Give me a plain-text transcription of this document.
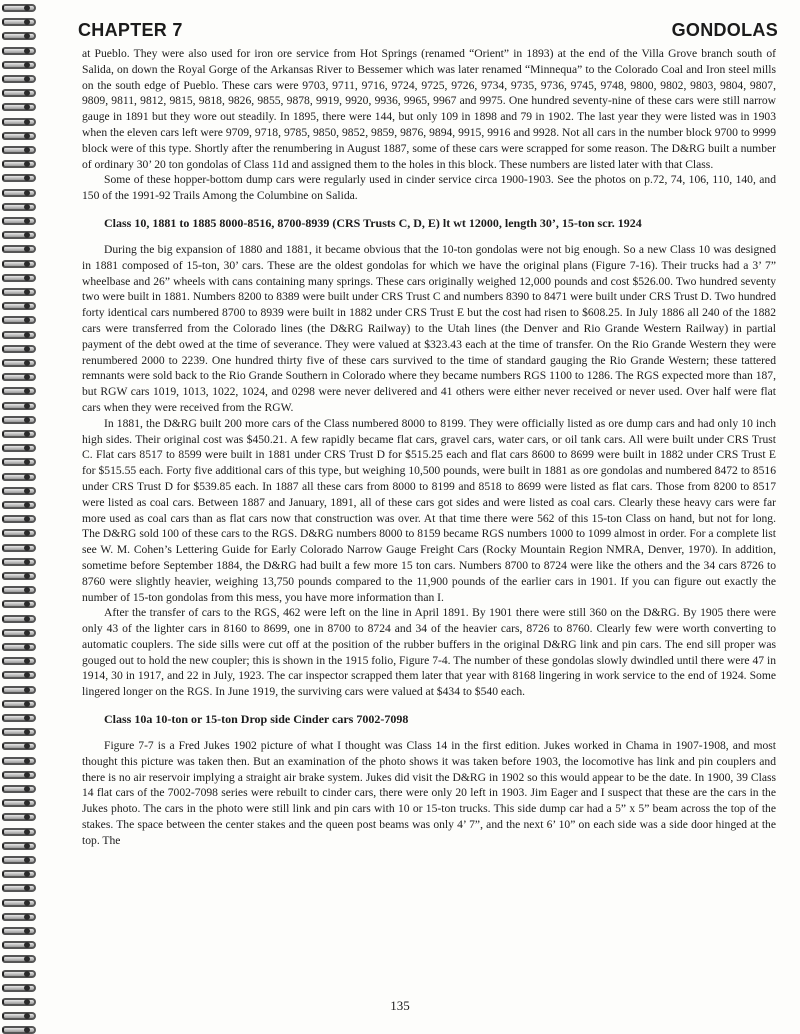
CHAPTER 7	GONDOLAS

at Pueblo. They were also used for iron ore service from Hot Springs (renamed “Orient” in 1893) at the end of the Villa Grove branch south of Salida, on down the Royal Gorge of the Arkansas River to Bessemer which was later renamed “Minnequa” to the Colorado Coal and Iron steel mills on the south edge of Pueblo. These cars were 9703, 9711, 9716, 9724, 9725, 9726, 9734, 9735, 9736, 9745, 9748, 9800, 9802, 9803, 9804, 9807, 9809, 9811, 9812, 9815, 9818, 9826, 9855, 9878, 9919, 9920, 9936, 9965, 9967 and 9975. One hundred seventy-nine of these cars were still narrow gauge in 1891 but they wore out steadily. In 1895, there were 144, but only 109 in 1898 and 79 in 1902. The last year they were listed was in 1903 when the eleven cars left were 9709, 9718, 9785, 9850, 9852, 9859, 9876, 9894, 9915, 9916 and 9928. Not all cars in the number block 9700 to 9999 block were of this type. Shortly after the renumbering in August 1887, some of these cars were scrapped for some reason. The D&RG built a number of ordinary 30’ 20 ton gondolas of Class 11d and assigned them to the holes in this block. These numbers are listed later with that Class.

Some of these hopper-bottom dump cars were regularly used in cinder service circa 1900-1903. See the photos on p.72, 74, 106, 110, 140, and 150 of the 1991-92 Trails Among the Columbine on Salida.

Class 10, 1881 to 1885 8000-8516, 8700-8939 (CRS Trusts C, D, E) lt wt 12000, length 30’, 15-ton scr. 1924

During the big expansion of 1880 and 1881, it became obvious that the 10-ton gondolas were not big enough. So a new Class 10 was designed in 1881 composed of 15-ton, 30’ cars. These are the oldest gondolas for which we have the original plans (Figure 7-16). Their trucks had a 3’ 7” wheelbase and 26” wheels with cans containing many springs. These cars originally weighed 12,000 pounds and cost $526.00. Two hundred seventy two were built in 1881. Numbers 8200 to 8389 were built under CRS Trust C and numbers 8390 to 8471 were built under CRS Trust D. Two hundred forty identical cars numbered 8700 to 8939 were built in 1882 under CRS Trust E but the cost had risen to $608.25. In July 1886 all 240 of the 1882 cars were transferred from the Colorado lines (the D&RG Railway) to the Utah lines (the Denver and Rio Grande Western Railway) in partial payment of the debt owed at the time of severance. They were valued at $323.43 each at the time of transfer. On the Rio Grande Western they were renumbered 2000 to 2239. One hundred thirty five of these cars survived to the time of standard gauging the Rio Grande Western; these tattered remnants were sold back to the Rio Grande Southern in Colorado where they became numbers RGS 1100 to 1286. The RGS expected more than 187, but RGW cars 1019, 1013, 1022, 1024, and 0298 were never delivered and 41 others were either never received or never used. Over half were flat cars when they were received from the RGW.

In 1881, the D&RG built 200 more cars of the Class numbered 8000 to 8199. They were officially listed as ore dump cars and had only 10 inch high sides. Their original cost was $450.21. A few rapidly became flat cars, gravel cars, water cars, or oil tank cars. All were built under CRS Trust C. Flat cars 8517 to 8599 were built in 1881 under CRS Trust D for $515.25 each and flat cars 8600 to 8699 were built in 1882 under CRS Trust E for $515.55 each. Forty five additional cars of this type, but weighing 10,500 pounds, were built in 1881 as ore gondolas and numbered 8472 to 8516 under CRS Trust D for $539.85 each. In 1887 all these cars from 8000 to 8199 and 8518 to 8699 were listed as flat cars. Those from 8200 to 8517 were listed as coal cars. Between 1887 and January, 1891, all of these cars got sides and were listed as coal cars. Clearly these heavy cars were far more used as coal cars than as flat cars now that construction was over. At that time there were 562 of this 15-ton Class on hand, but not for long. The D&RG sold 100 of these cars to the RGS. D&RG numbers 8000 to 8159 became RGS numbers 1000 to 1099 almost in order. For a complete list see W. M. Cohen’s Lettering Guide for Early Colorado Narrow Gauge Freight Cars (Rocky Mountain Region NMRA, Denver, 1970). In addition, sometime before September 1884, the D&RG had built a few more 15 ton cars. Numbers 8700 to 8724 were like the others and the 34 cars 8726 to 8760 were slightly heavier, weighing 13,750 pounds compared to the 11,900 pounds of the earlier cars in 1901. If you can figure out exactly the number of 15-ton gondolas from this mess, you have more information than I.

After the transfer of cars to the RGS, 462 were left on the line in April 1891. By 1901 there were still 360 on the D&RG. By 1905 there were only 43 of the lighter cars in 8160 to 8699, one in 8700 to 8724 and 34 of the heavier cars, 8726 to 8760. Clearly few were worth converting to automatic couplers. The side sills were cut off at the position of the rubber buffers in the original D&RG link and pin cars. The end sill proper was gouged out to hold the new coupler; this is shown in the 1915 folio, Figure 7-4. The number of these gondolas slowly dwindled until there were 47 in 1914, 30 in 1917, and 22 in July, 1923. The car inspector scrapped them later that year with 8168 lingering in work service to the end of 1924. Some lingered longer on the RGS. In June 1919, the surviving cars were valued at $434 to $540 each.

Class 10a 10-ton or 15-ton Drop side Cinder cars 7002-7098

Figure 7-7 is a Fred Jukes 1902 picture of what I thought was Class 14 in the first edition. Jukes worked in Chama in 1907-1908, and most thought this picture was taken then. But an examination of the photo shows it was taken before 1903, the locomotive has link and pin couplers and there is no air reservoir implying a straight air brake system. Jukes did visit the D&RG in 1902 so this would appear to be the date. In 1900, 39 Class 14 flat cars of the 7002-7098 series were rebuilt to cinder cars, there were only 20 left in 1903. Jim Eager and I suspect that these are the cars in the Jukes photo. The cars in the photo were still link and pin cars with 10 or 15-ton trucks. This side dump car had a 5” x 5” beam across the top of the stakes. The space between the center stakes and the queen post beams was only 4’ 7”, and the next 6’ 10” on each side was a side door hinged at the top. The

135
